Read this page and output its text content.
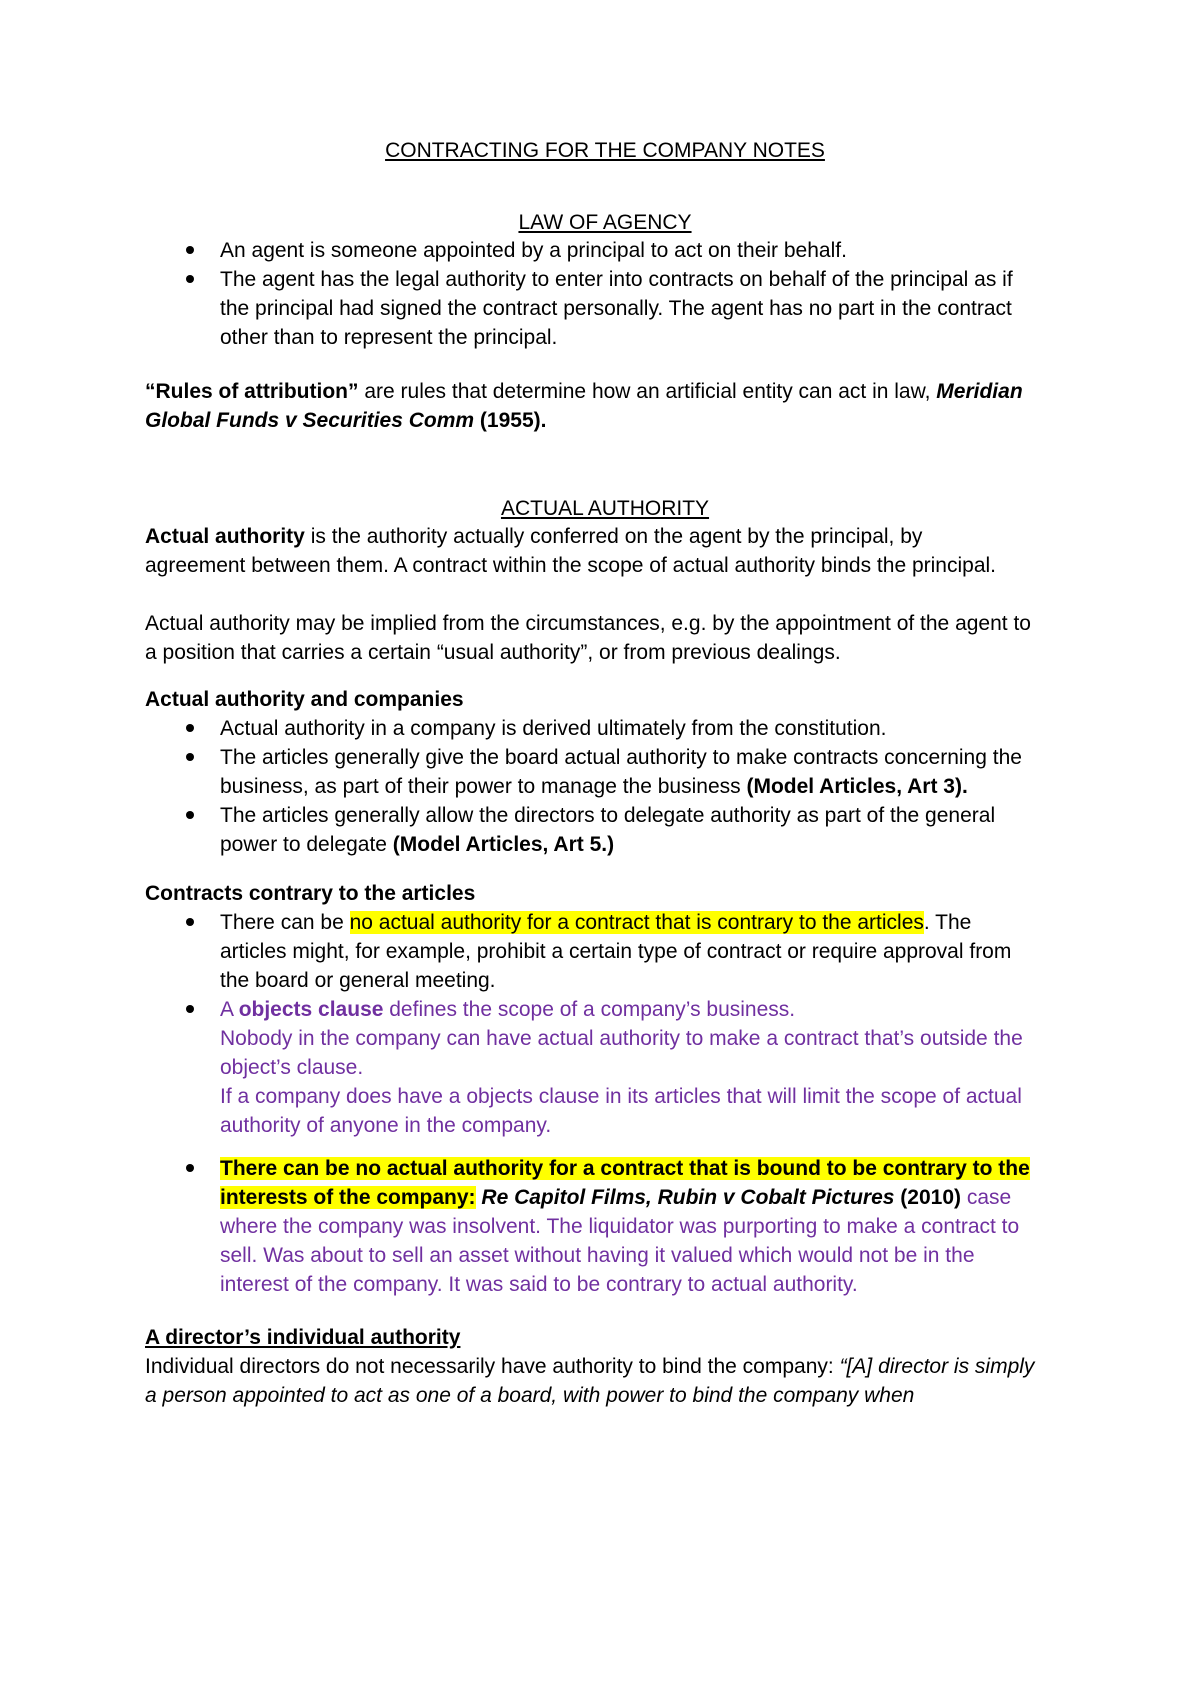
CONTRACTING FOR THE COMPANY NOTES
LAW OF AGENCY
An agent is someone appointed by a principal to act on their behalf.
The agent has the legal authority to enter into contracts on behalf of the principal as if the principal had signed the contract personally. The agent has no part in the contract other than to represent the principal.

“Rules of attribution” are rules that determine how an artificial entity can act in law, Meridian Global Funds v Securities Comm (1955).

ACTUAL AUTHORITY

Actual authority is the authority actually conferred on the agent by the principal, by agreement between them. A contract within the scope of actual authority binds the principal.

Actual authority may be implied from the circumstances, e.g. by the appointment of the agent to a position that carries a certain “usual authority”, or from previous dealings.

Actual authority and companies

Actual authority in a company is derived ultimately from the constitution.
The articles generally give the board actual authority to make contracts concerning the business, as part of their power to manage the business (Model Articles, Art 3).
The articles generally allow the directors to delegate authority as part of the general power to delegate (Model Articles, Art 5.)

Contracts contrary to the articles

There can be no actual authority for a contract that is contrary to the articles. The articles might, for example, prohibit a certain type of contract or require approval from the board or general meeting.
A objects clause defines the scope of a company’s business.
Nobody in the company can have actual authority to make a contract that’s outside the object’s clause.
If a company does have a objects clause in its articles that will limit the scope of actual authority of anyone in the company.
There can be no actual authority for a contract that is bound to be contrary to the
interests of the company: Re Capitol Films, Rubin v Cobalt Pictures (2010) case where the company was insolvent. The liquidator was purporting to make a contract to sell. Was about to sell an asset without having it valued which would not be in the interest of the company. It was said to be contrary to actual authority.

A director’s individual authority

Individual directors do not necessarily have authority to bind the company: “[A] director is simply a person appointed to act as one of a board, with power to bind the company when
